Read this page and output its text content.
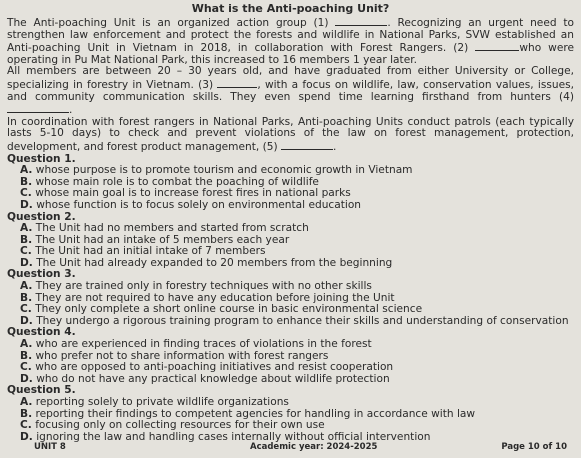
What is the Anti-poaching Unit?

The Anti-poaching Unit is an organized action group (1)	. Recognizing an urgent need to strengthen law enforcement and protect the forests and wildlife in National Parks, SVW established an Anti-poaching Unit in Vietnam in 2018, in collaboration with Forest Rangers. (2)	who were operating in Pu Mat National Park, this increased to 16 members 1 year later.

All members are between 20 – 30 years old, and have graduated from either University or College, specializing in forestry in Vietnam. (3)	, with a focus on wildlife, law, conservation values, issues, and community communication skills. They even spend time learning firsthand from hunters (4) .

In coordination with forest rangers in National Parks, Anti-poaching Units conduct patrols (each typically lasts 5-10 days) to check and prevent violations of the law on forest management, protection, development, and forest product management, (5)	.

Question 1.
A. whose purpose is to promote tourism and economic growth in Vietnam
B. whose main role is to combat the poaching of wildlife
C. whose main goal is to increase forest fires in national parks
D. whose function is to focus solely on environmental education
Question 2.
A. The Unit had no members and started from scratch
B. The Unit had an intake of 5 members each year
C. The Unit had an initial intake of 7 members
D. The Unit had already expanded to 20 members from the beginning
Question 3.
A. They are trained only in forestry techniques with no other skills
B. They are not required to have any education before joining the Unit
C. They only complete a short online course in basic environmental science
D. They undergo a rigorous training program to enhance their skills and understanding of conservation
Question 4.
A. who are experienced in finding traces of violations in the forest
B. who prefer not to share information with forest rangers
C. who are opposed to anti-poaching initiatives and resist cooperation
D. who do not have any practical knowledge about wildlife protection
Question 5.
A. reporting solely to private wildlife organizations
B. reporting their findings to competent agencies for handling in accordance with law
C. focusing only on collecting resources for their own use
D. ignoring the law and handling cases internally without official intervention
UNIT 8	Academic year: 2024-2025	Page 10 of 10
